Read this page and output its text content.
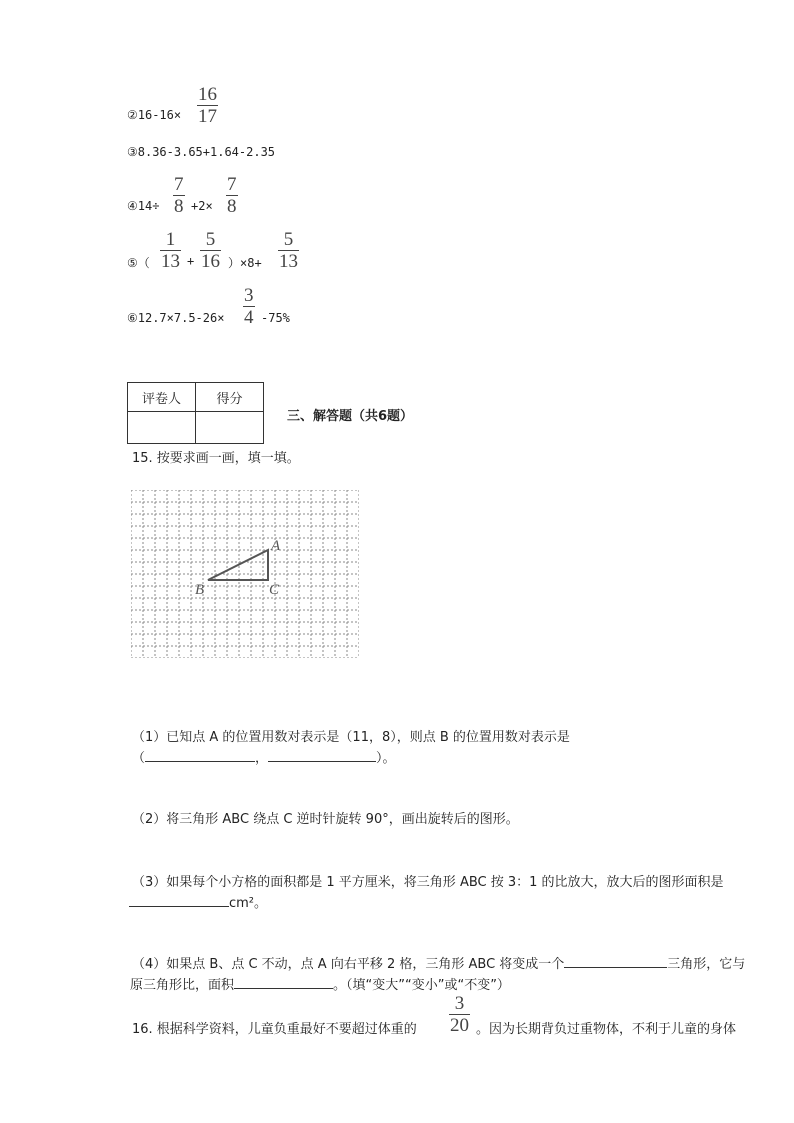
②16-16×
16
17
③8.36-3.65+1.64-2.35
④14÷
7
8 +2×
7
8
⑤（
1
13 +
5
16 ）×8+
5
13
⑥12.7×7.5-26×
3
4 -75%
评卷人	得分

三、解答题（共6题）
15. 按要求画一画，填一填。
A
B	C
（1）已知点 A 的位置用数对表示是（11，8），则点 B 的位置用数对表示是
（	，	）。
（2）将三角形 ABC 绕点 C 逆时针旋转 90°，画出旋转后的图形。
（3）如果每个小方格的面积都是 1 平方厘米，将三角形 ABC 按 3：1 的比放大，放大后的图形面积是
cm²。
（4）如果点 B、点 C 不动，点 A 向右平移 2 格，三角形 ABC 将变成一个	三角形，它与
原三角形比，面积	。（填“变大”“变小”或“不变”）
16. 根据科学资料，儿童负重最好不要超过体重的
3
20 。因为长期背负过重物体，不利于儿童的身体
